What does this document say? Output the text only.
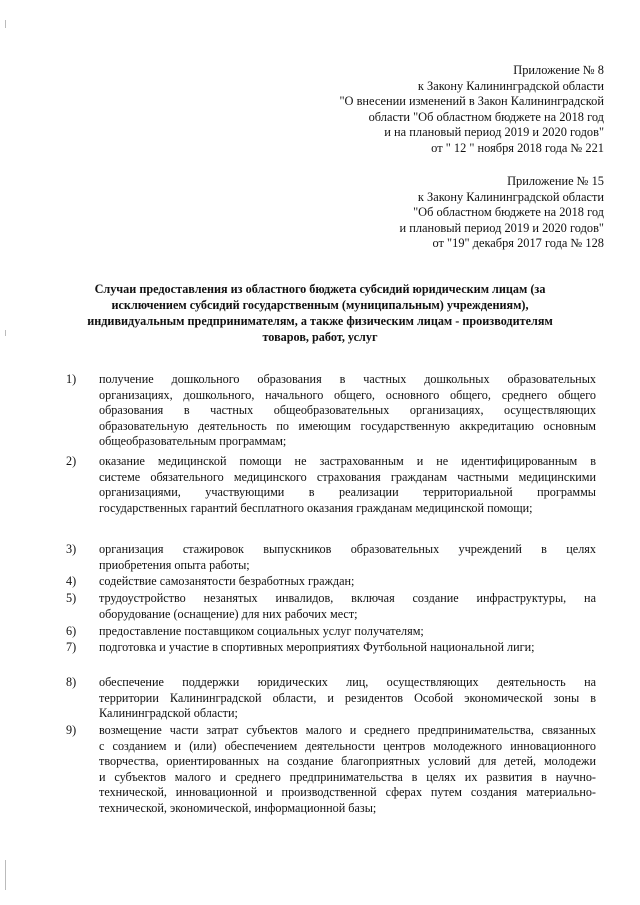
Приложение № 8
к Закону Калининградской области
"О внесении изменений в Закон Калининградской
области "Об областном бюджете на 2018 год
и на плановый период 2019 и 2020 годов"
от " 12 " ноября 2018 года № 221
Приложение № 15
к Закону Калининградской области
"Об областном бюджете на 2018 год
и плановый период 2019 и 2020 годов"
от "19" декабря 2017 года № 128
Случаи предоставления из областного бюджета субсидий юридическим лицам (за
исключением субсидий государственным (муниципальным) учреждениям),
индивидуальным предпринимателям, а также физическим лицам - производителям
товаров, работ, услуг
1) получение дошкольного образования в частных дошкольных образовательных
организациях, дошкольного, начального общего, основного общего, среднего общего
образования в частных общеобразовательных организациях, осуществляющих
образовательную деятельность по имеющим государственную аккредитацию основным
общеобразовательным программам;
2) оказание медицинской помощи не застрахованным и не идентифицированным в
системе обязательного медицинского страхования гражданам частными медицинскими
организациями, участвующими в реализации территориальной программы
государственных гарантий бесплатного оказания гражданам медицинской помощи;
3) организация стажировок выпускников образовательных учреждений в целях
приобретения опыта работы;
4) содействие самозанятости безработных граждан;
5) трудоустройство незанятых инвалидов, включая создание инфраструктуры, на
оборудование (оснащение) для них рабочих мест;
6) предоставление поставщиком социальных услуг получателям;
7) подготовка и участие в спортивных мероприятиях Футбольной национальной лиги;
8) обеспечение поддержки юридических лиц, осуществляющих деятельность на
территории Калининградской области, и резидентов Особой экономической зоны в
Калининградской области;
9) возмещение части затрат субъектов малого и среднего предпринимательства, связанных
с созданием и (или) обеспечением деятельности центров молодежного инновационного
творчества, ориентированных на создание благоприятных условий для детей, молодежи
и субъектов малого и среднего предпринимательства в целях их развития в научно-
технической, инновационной и производственной сферах путем создания материально-
технической, экономической, информационной базы;
